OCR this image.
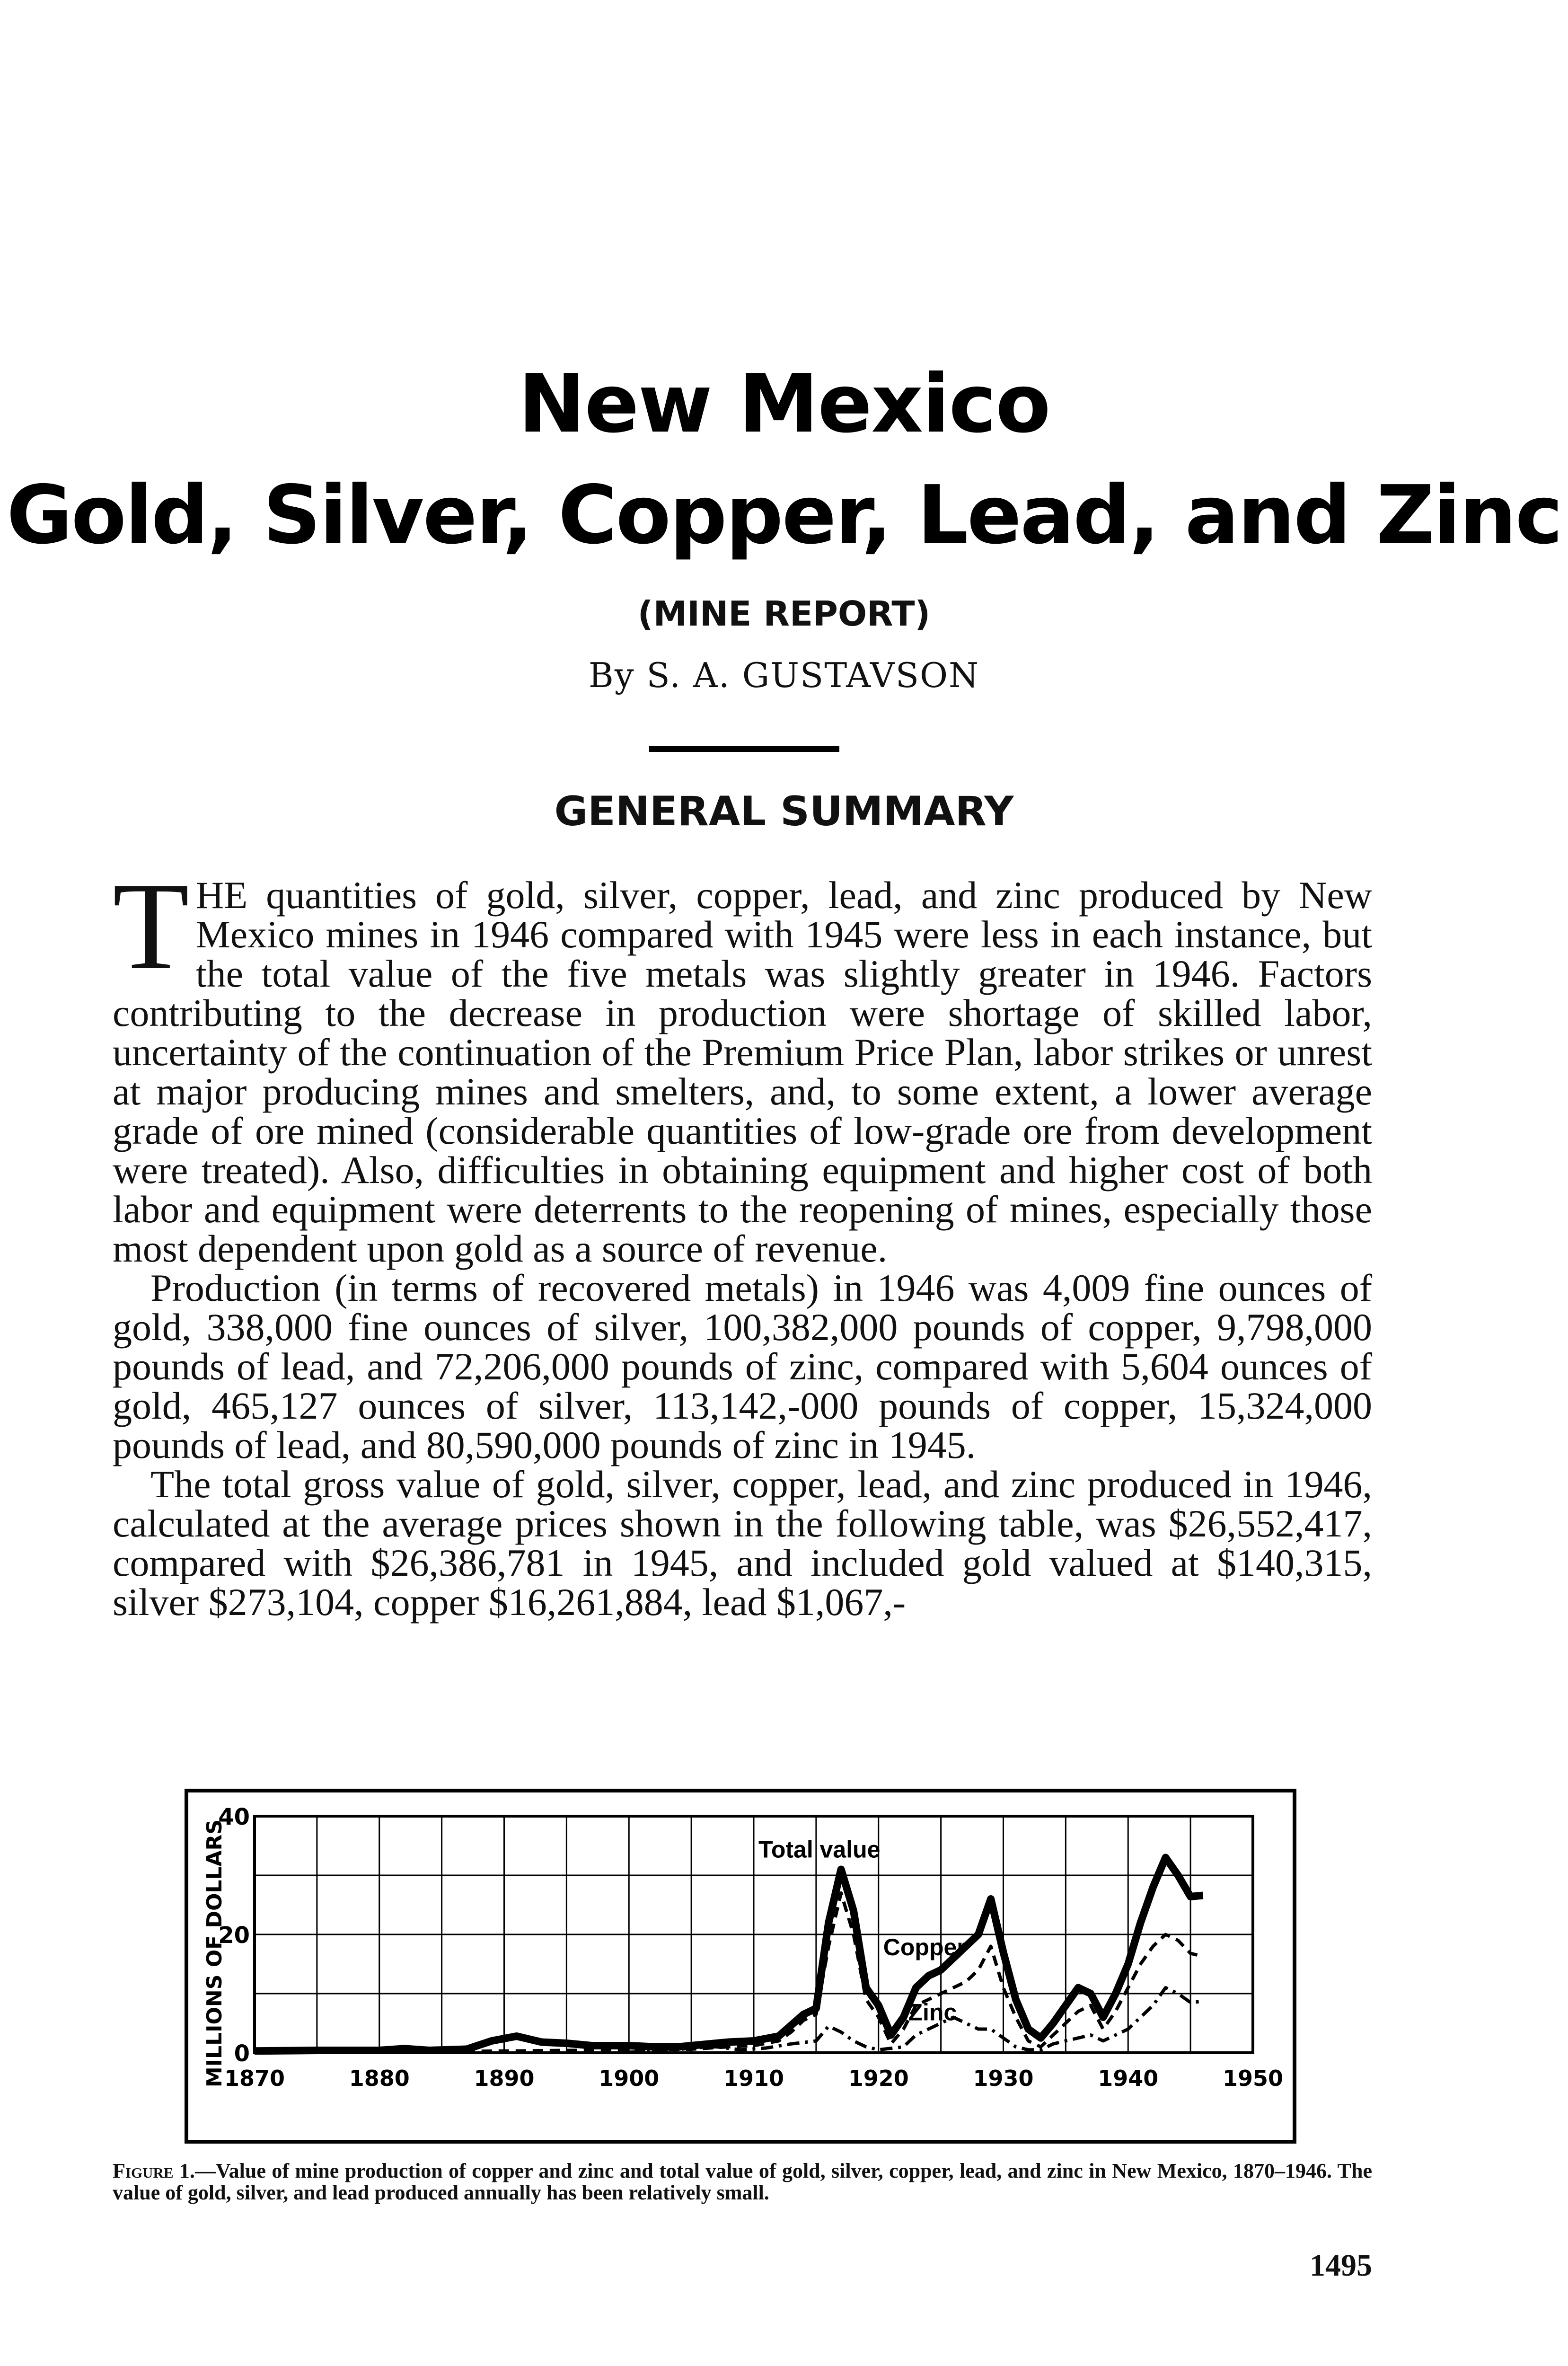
New Mexico
Gold, Silver, Copper, Lead, and Zinc
(MINE REPORT)
By S. A. GUSTAVSON
GENERAL SUMMARY

THE quantities of gold, silver, copper, lead, and zinc produced by New Mexico mines in 1946 compared with 1945 were less in each instance, but the total value of the five metals was slightly greater in 1946. Factors contributing to the decrease in production were shortage of skilled labor, uncertainty of the continuation of the Premium Price Plan, labor strikes or unrest at major producing mines and smelters, and, to some extent, a lower average grade of ore mined (considerable quantities of low-grade ore from development were treated). Also, difficulties in obtaining equipment and higher cost of both labor and equipment were deterrents to the reopening of mines, especially those most dependent upon gold as a source of revenue.

Production (in terms of recovered metals) in 1946 was 4,009 fine ounces of gold, 338,000 fine ounces of silver, 100,382,000 pounds of copper, 9,798,000 pounds of lead, and 72,206,000 pounds of zinc, compared with 5,604 ounces of gold, 465,127 ounces of silver, 113,142,-000 pounds of copper, 15,324,000 pounds of lead, and 80,590,000 pounds of zinc in 1945.

The total gross value of gold, silver, copper, lead, and zinc produced in 1946, calculated at the average prices shown in the following table, was $26,552,417, compared with $26,386,781 in 1945, and included gold valued at $140,315, silver $273,104, copper $16,261,884, lead $1,067,-

0
20
40
1870	1880	1890	1900	1910	1920	1930	1940	1950
MILLIONS OF DOLLARS	Total value
Copper
Zinc
Figure 1.—Value of mine production of copper and zinc and total value of gold, silver, copper, lead, and zinc in New Mexico, 1870–1946. The value of gold, silver, and lead produced annually has been relatively small.
1495
